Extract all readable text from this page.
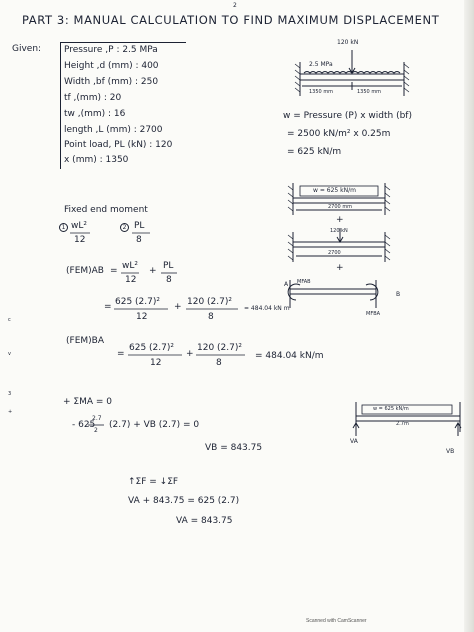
2
PART 3: MANUAL CALCULATION TO FIND MAXIMUM DISPLACEMENT
Given:	Pressure ,P : 2.5 MPa
Height ,d (mm) : 400
Width ,bf (mm) : 250
tf ,(mm) : 20
tw ,(mm) : 16
length ,L (mm) : 2700
Point load, PL (kN) : 120
x (mm) : 1350
120 kN
2.5 MPa
1350 mm	1350 mm
w = Pressure (P) x width (bf)
= 2500 kN/m² x 0.25m
= 625 kN/m
w = 625 kN/m
2700 mm
+
120 kN
2700
+
MFAB
A
B
MFBA
Fixed end moment
1 wL²
12
2 PL
8
(FEM)AB = wL²
12
+ PL
8
= 625 (2.7)²
12
+ 120 (2.7)²
8
= 484.04 kN m
(FEM)BA
=
625 (2.7)²
12
+
120 (2.7)²
8
= 484.04 kN/m
+ ΣMA = 0
- 625
2.7
2
(2.7) + VB (2.7) = 0
VB = 843.75
w = 625 kN/m
2.7m
VA
VB
↑ΣF = ↓ΣF
VA + 843.75 = 625 (2.7)
VA = 843.75
c
v
3
+
Scanned with CamScanner
